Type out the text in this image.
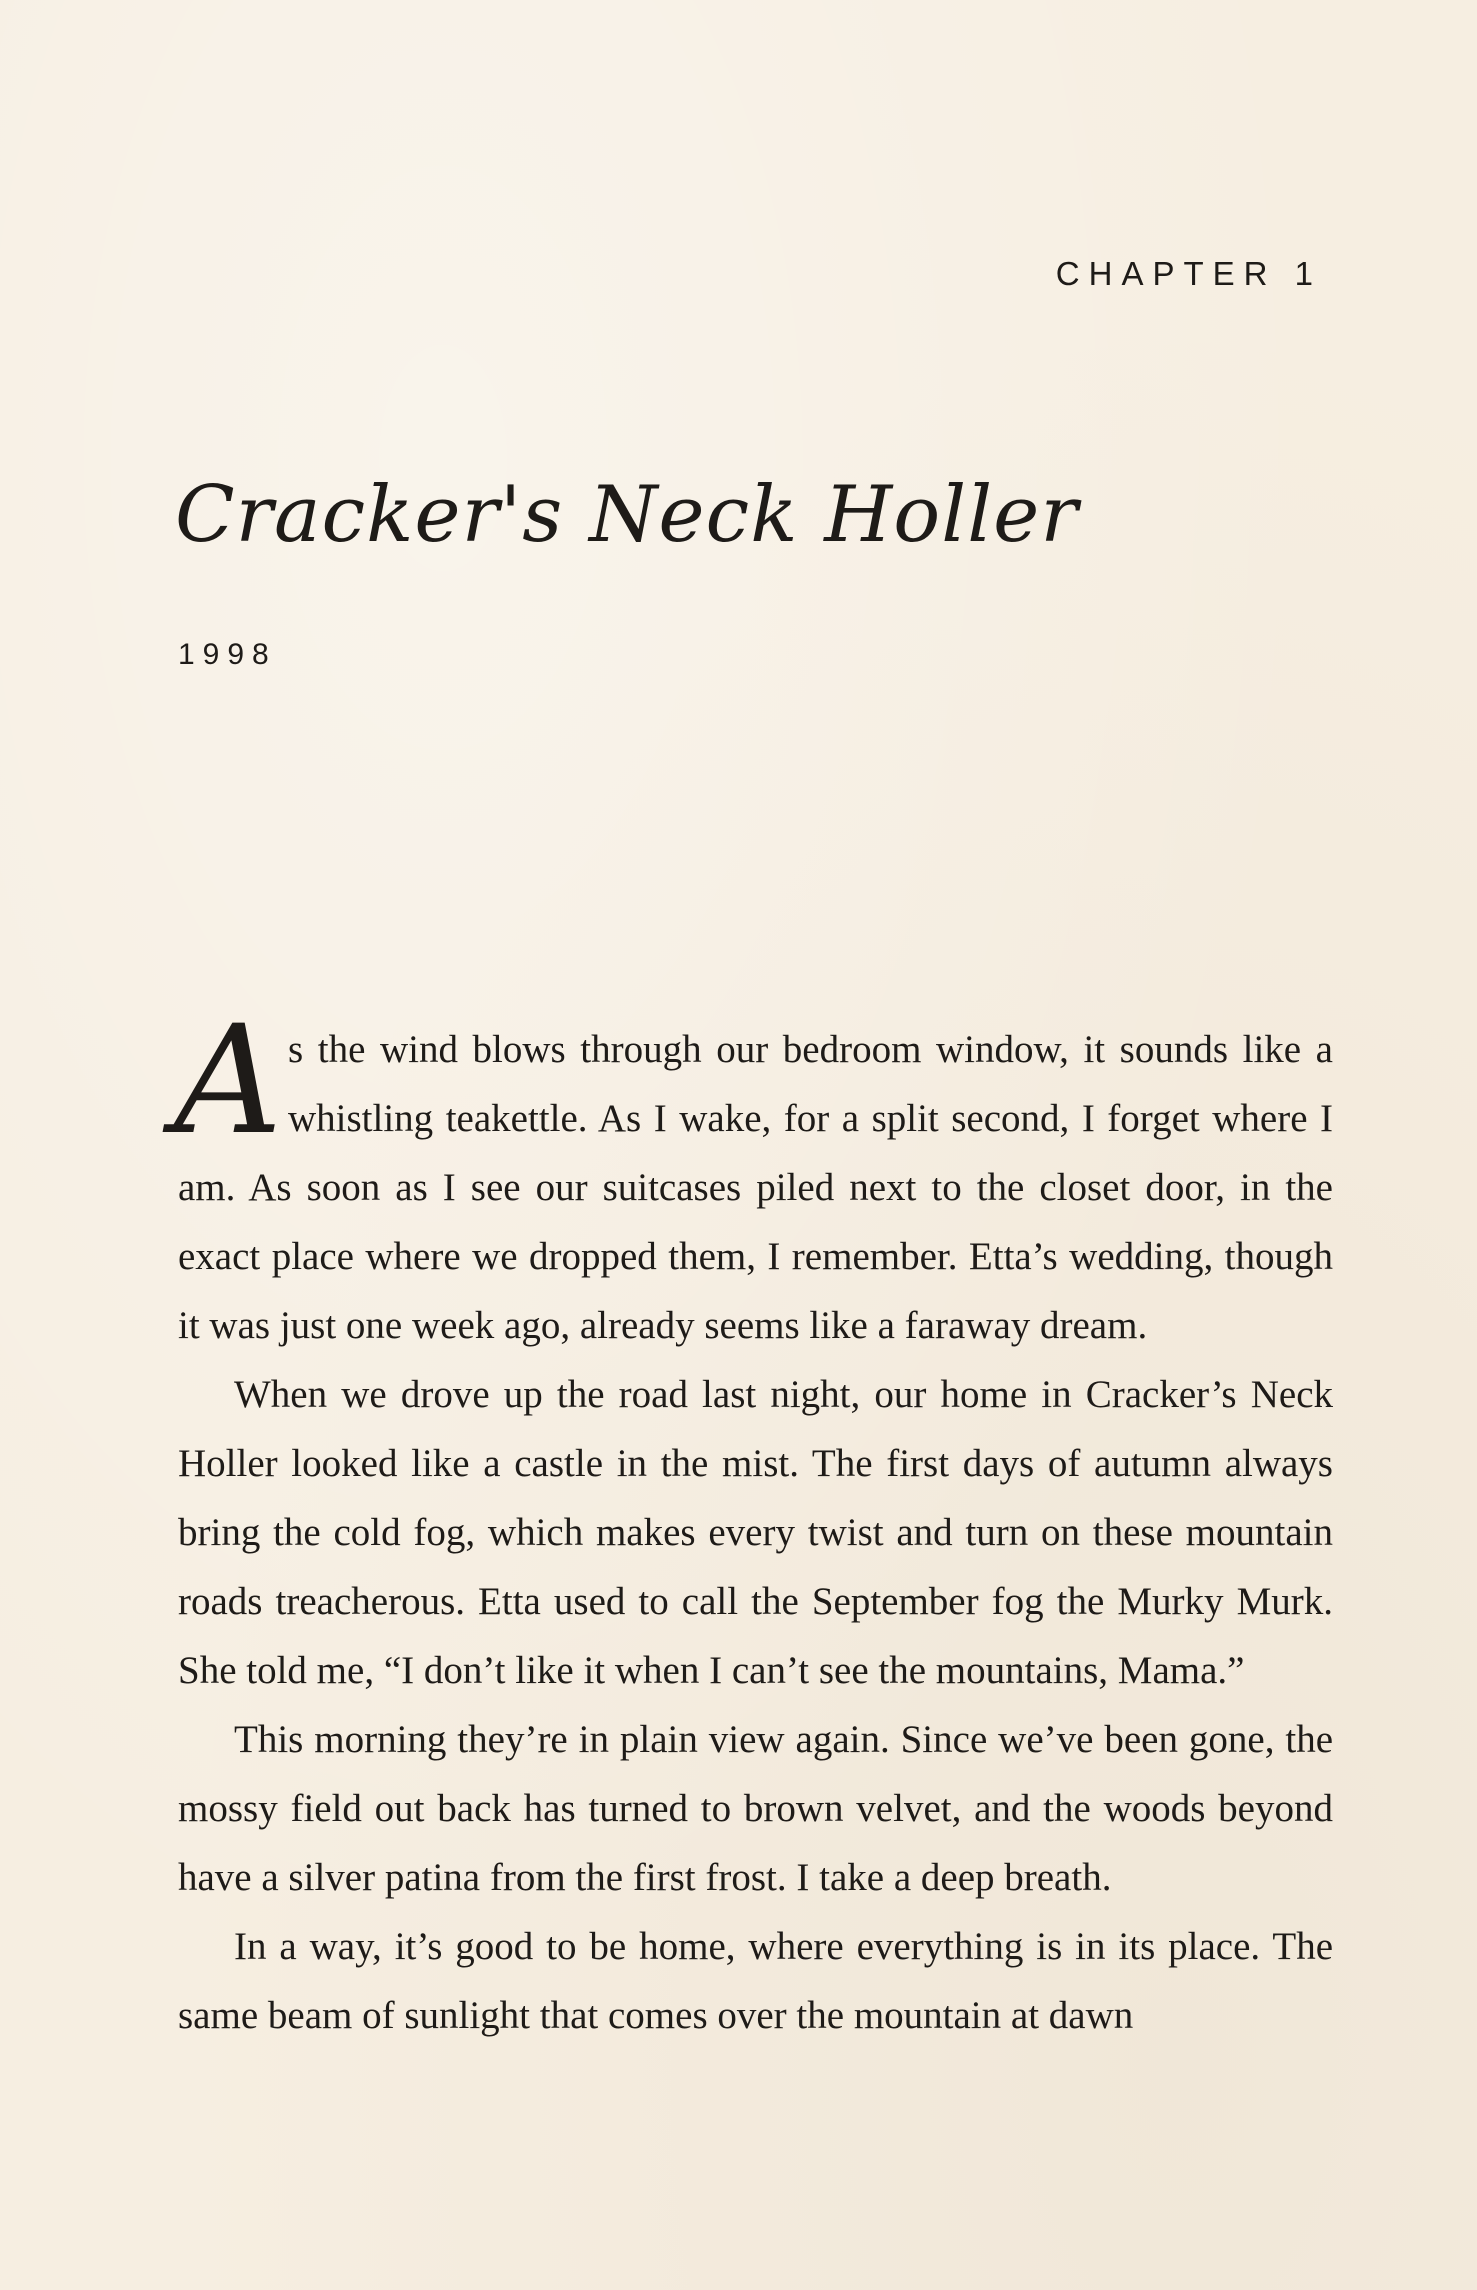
CHAPTER 1
Cracker's Neck Holler
1998

As the wind blows through our bedroom window, it sounds like a whistling teakettle. As I wake, for a split second, I forget where I am. As soon as I see our suitcases piled next to the closet door, in the exact place where we dropped them, I remember. Etta’s wedding, though it was just one week ago, already seems like a faraway dream.

When we drove up the road last night, our home in Cracker’s Neck Holler looked like a castle in the mist. The first days of autumn always bring the cold fog, which makes every twist and turn on these mountain roads treacherous. Etta used to call the September fog the Murky Murk. She told me, “I don’t like it when I can’t see the mountains, Mama.”

This morning they’re in plain view again. Since we’ve been gone, the mossy field out back has turned to brown velvet, and the woods beyond have a silver patina from the first frost. I take a deep breath.

In a way, it’s good to be home, where everything is in its place. The same beam of sunlight that comes over the mountain at dawn
